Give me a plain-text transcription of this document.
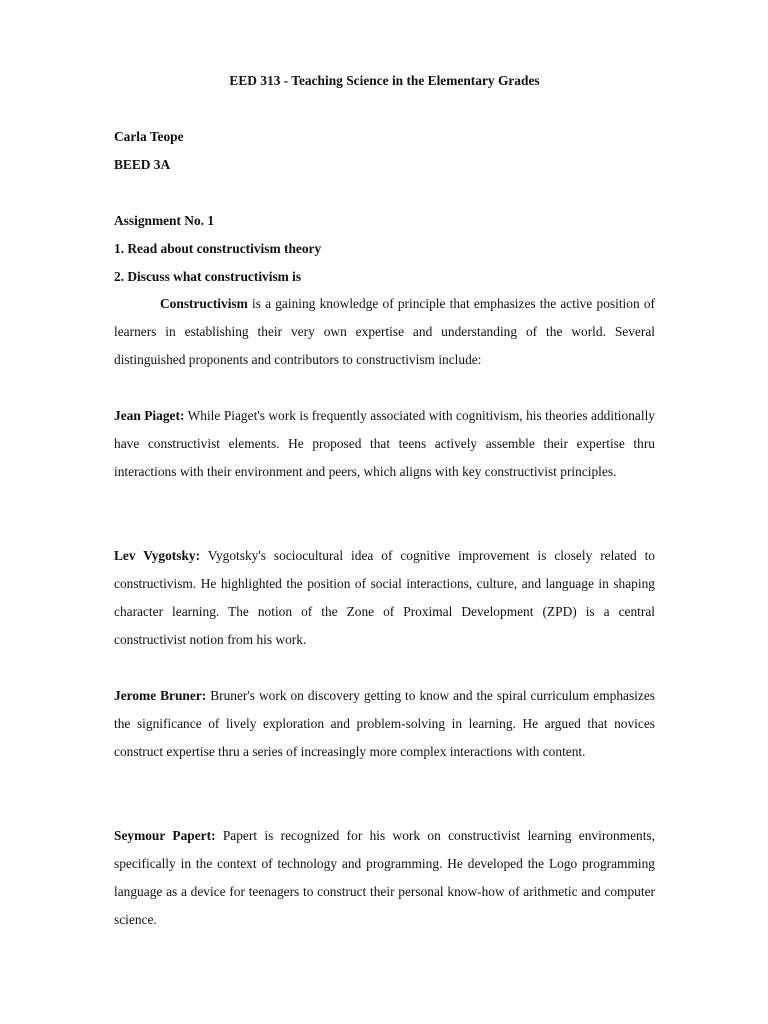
EED 313 - Teaching Science in the Elementary Grades
Carla Teope
BEED 3A
Assignment No. 1
1. Read about constructivism theory
2. Discuss what constructivism is

Constructivism is a gaining knowledge of principle that emphasizes the active position of learners in establishing their very own expertise and understanding of the world. Several distinguished proponents and contributors to constructivism include:

Jean Piaget: While Piaget's work is frequently associated with cognitivism, his theories additionally have constructivist elements. He proposed that teens actively assemble their expertise thru interactions with their environment and peers, which aligns with key constructivist principles.

Lev Vygotsky: Vygotsky's sociocultural idea of cognitive improvement is closely related to constructivism. He highlighted the position of social interactions, culture, and language in shaping character learning. The notion of the Zone of Proximal Development (ZPD) is a central constructivist notion from his work.

Jerome Bruner: Bruner's work on discovery getting to know and the spiral curriculum emphasizes the significance of lively exploration and problem-solving in learning. He argued that novices construct expertise thru a series of increasingly more complex interactions with content.

Seymour Papert: Papert is recognized for his work on constructivist learning environments, specifically in the context of technology and programming. He developed the Logo programming language as a device for teenagers to construct their personal know-how of arithmetic and computer science.
